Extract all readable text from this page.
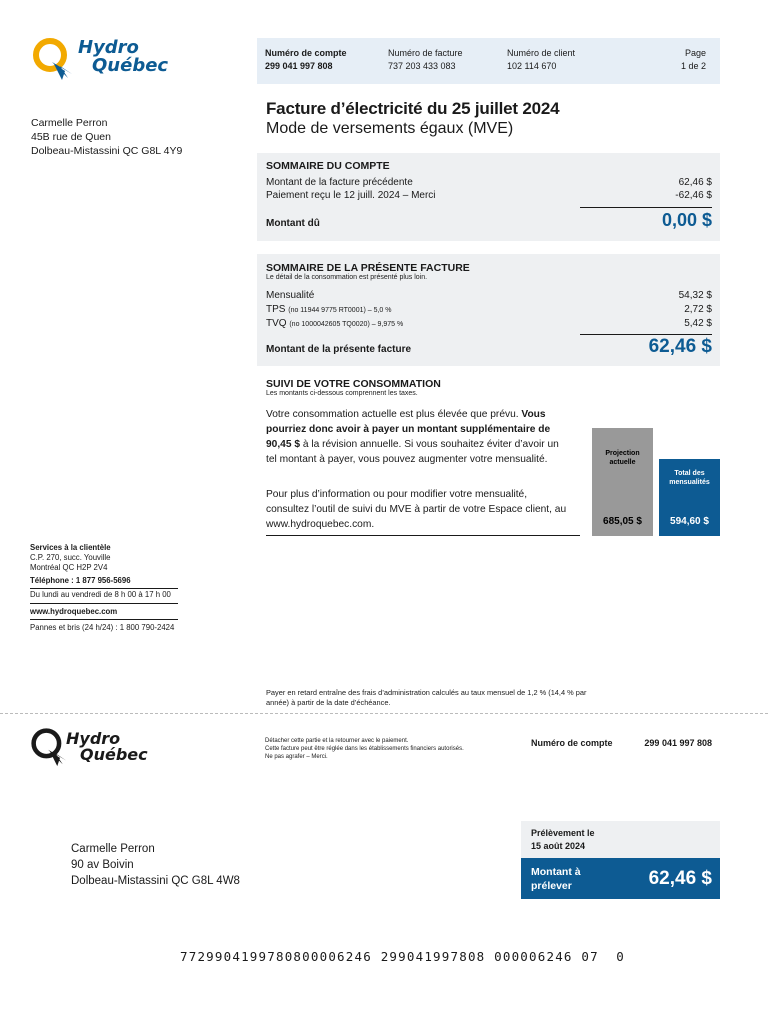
Hydro
Québec
Numéro de compte
299 041 997 808
Numéro de facture
737 203 433 083
Numéro de client
102 114 670
Page
1 de 2
Carmelle Perron
45B rue de Quen
Dolbeau-Mistassini QC G8L 4Y9
Facture d’électricité du 25 juillet 2024
Mode de versements égaux (MVE)
SOMMAIRE DU COMPTE
Montant de la facture précédente	62,46 $
Paiement reçu le 12 juill. 2024 – Merci	-62,46 $
Montant dû	0,00 $
SOMMAIRE DE LA PRÉSENTE FACTURE
Le détail de la consommation est présenté plus loin.
Mensualité	54,32 $
TPS (no 11944 9775 RT0001) – 5,0 %	2,72 $
TVQ (no 1000042605 TQ0020) – 9,975 %	5,42 $
Montant de la présente facture	62,46 $
SUIVI DE VOTRE CONSOMMATION
Les montants ci-dessous comprennent les taxes.
Votre consommation actuelle est plus élevée que prévu. Vous pourriez donc avoir à payer un montant supplémentaire de 90,45 $ à la révision annuelle. Si vous souhaitez éviter d’avoir un tel montant à payer, vous pouvez augmenter votre mensualité.
Pour plus d’information ou pour modifier votre mensualité, consultez l’outil de suivi du MVE à partir de votre Espace client, au www.hydroquebec.com.
Projection actuelle
685,05 $
Total des mensualités
594,60 $
Services à la clientèle
C.P. 270, succ. Youville
Montréal QC H2P 2V4
Téléphone : 1 877 956-5696
Du lundi au vendredi de 8 h 00 à 17 h 00
www.hydroquebec.com
Pannes et bris (24 h/24) : 1 800 790-2424
Payer en retard entraîne des frais d’administration calculés au taux mensuel de 1,2 % (14,4 % par année) à partir de la date d’échéance.
Hydro
Québec
Détacher cette partie et la retourner avec le paiement.
Cette facture peut être réglée dans les établissements financiers autorisés.
Ne pas agrafer – Merci.
Numéro de compte	299 041 997 808
Carmelle Perron
90 av Boivin
Dolbeau-Mistassini QC G8L 4W8
Prélèvement le
15 août 2024
Montant à prélever	62,46 $
7729904199780800006246 299041997808 000006246 07  0
